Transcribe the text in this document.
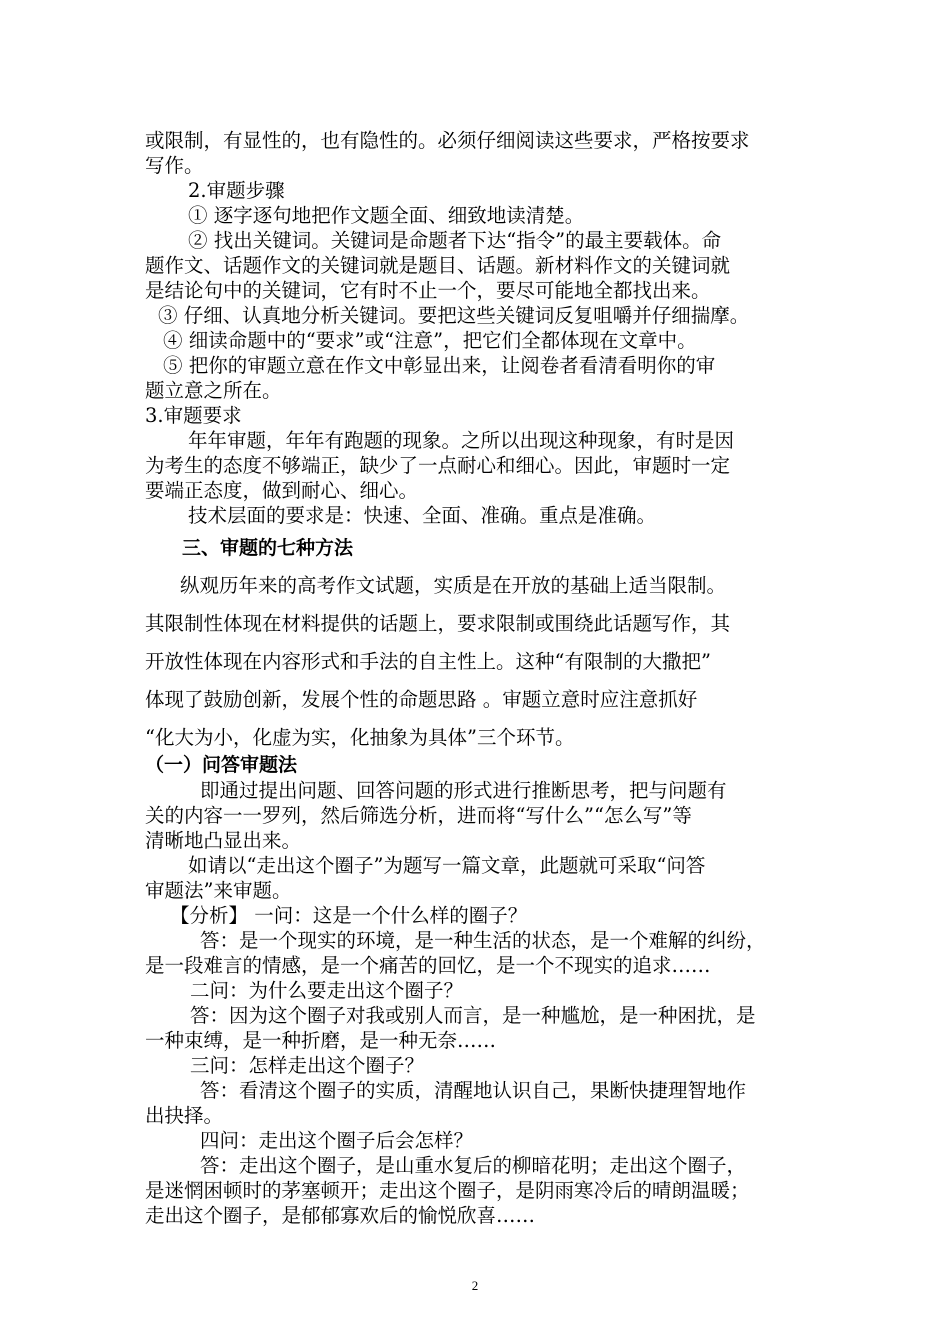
或限制，有显性的，也有隐性的。必须仔细阅读这些要求，严格按要求
写作。
2.审题步骤
① 逐字逐句地把作文题全面、细致地读清楚。
② 找出关键词。关键词是命题者下达“指令”的最主要载体。命
题作文、话题作文的关键词就是题目、话题。新材料作文的关键词就
是结论句中的关键词，它有时不止一个，要尽可能地全都找出来。
③ 仔细、认真地分析关键词。要把这些关键词反复咀嚼并仔细揣摩。
④ 细读命题中的“要求”或“注意”，把它们全都体现在文章中。
⑤ 把你的审题立意在作文中彰显出来，让阅卷者看清看明你的审
题立意之所在。
3.审题要求
年年审题，年年有跑题的现象。之所以出现这种现象，有时是因
为考生的态度不够端正，缺少了一点耐心和细心。因此，审题时一定
要端正态度，做到耐心、细心。
技术层面的要求是：快速、全面、准确。重点是准确。
三、审题的七种方法
纵观历年来的高考作文试题，实质是在开放的基础上适当限制。
其限制性体现在材料提供的话题上，要求限制或围绕此话题写作，其
开放性体现在内容形式和手法的自主性上。这种“有限制的大撒把”
体现了鼓励创新，发展个性的命题思路 。审题立意时应注意抓好
“化大为小，化虚为实，化抽象为具体”三个环节。
（一）问答审题法
即通过提出问题、回答问题的形式进行推断思考，把与问题有
关的内容一一罗列，然后筛选分析，进而将“写什么”“怎么写”等
清晰地凸显出来。
如请以“走出这个圈子”为题写一篇文章，此题就可采取“问答
审题法”来审题。
【分析】 一问：这是一个什么样的圈子？
答：是一个现实的环境，是一种生活的状态，是一个难解的纠纷，
是一段难言的情感，是一个痛苦的回忆，是一个不现实的追求……
二问：为什么要走出这个圈子？
答：因为这个圈子对我或别人而言，是一种尴尬，是一种困扰，是
一种束缚，是一种折磨，是一种无奈……
三问：怎样走出这个圈子？
答：看清这个圈子的实质，清醒地认识自己，果断快捷理智地作
出抉择。
四问：走出这个圈子后会怎样？
答：走出这个圈子，是山重水复后的柳暗花明；走出这个圈子，
是迷惘困顿时的茅塞顿开；走出这个圈子，是阴雨寒冷后的晴朗温暖；
走出这个圈子，是郁郁寡欢后的愉悦欣喜……
2
